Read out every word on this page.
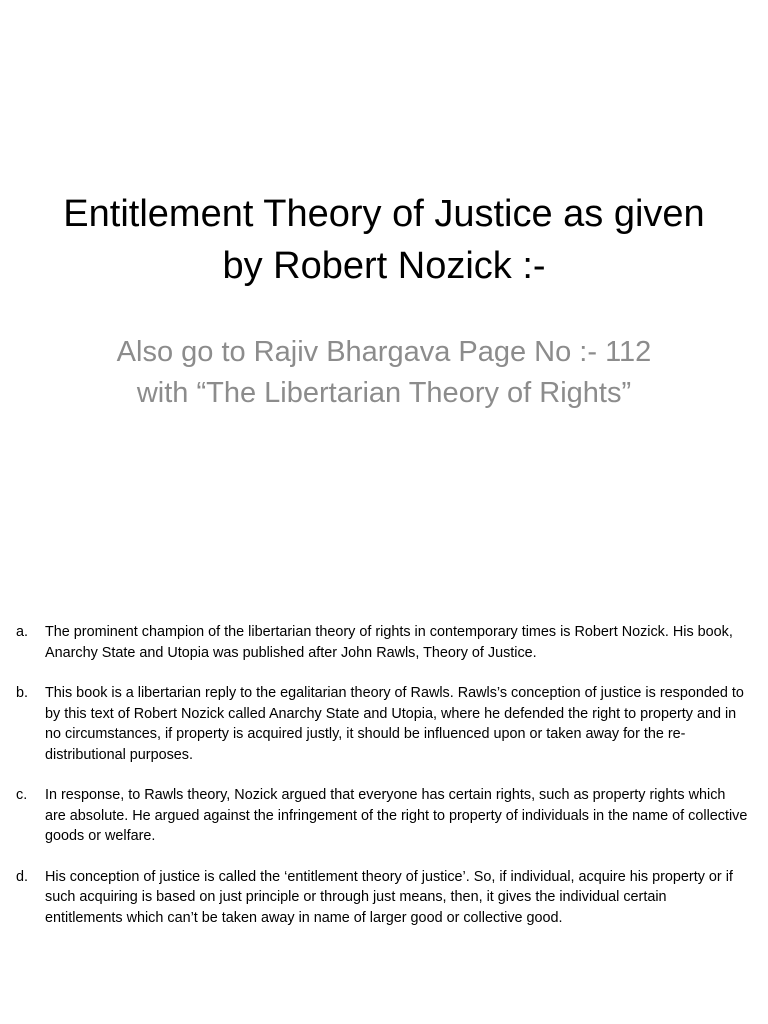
Entitlement Theory of Justice as given by Robert Nozick :-

Also go to Rajiv Bhargava Page No :- 112 with “The Libertarian Theory of Rights”

a. The prominent champion of the libertarian theory of rights in contemporary times is Robert Nozick. His book, Anarchy State and Utopia was published after John Rawls, Theory of Justice.
b. This book is a libertarian reply to the egalitarian theory of Rawls. Rawls’s conception of justice is responded to by this text of Robert Nozick called Anarchy State and Utopia, where he defended the right to property and in no circumstances, if property is acquired justly, it should be influenced upon or taken away for the re-distributional purposes.
c. In response, to Rawls theory, Nozick argued that everyone has certain rights, such as property rights which are absolute. He argued against the infringement of the right to property of individuals in the name of collective goods or welfare.
d. His conception of justice is called the ‘entitlement theory of justice’. So, if individual, acquire his property or if such acquiring is based on just principle or through just means, then, it gives the individual certain entitlements which can’t be taken away in name of larger good or collective good.
